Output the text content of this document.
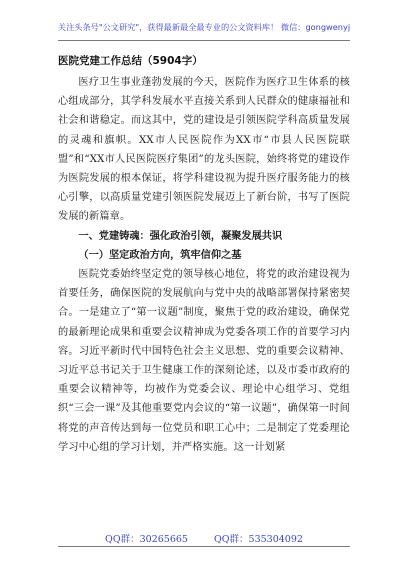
关注头条号"公文研究"，获得最新最全最专业的公文资料库！ 微信：gongwenyj
医院党建工作总结（5904字）

医疗卫生事业蓬勃发展的今天，医院作为医疗卫生体系的核心组成部分，其学科发展水平直接关系到人民群众的健康福祉和社会和谐稳定。而这其中，党的建设是引领医院学科高质量发展的灵魂和旗帜。XX市人民医院作为XX市“市县人民医院联盟”和“XX市人民医院医疗集团”的龙头医院，始终将党的建设作为医院发展的根本保证，将学科建设视为提升医疗服务能力的核心引擎，以高质量党建引领医院发展迈上了新台阶，书写了医院发展的新篇章。

一、党建铸魂：强化政治引领，凝聚发展共识

（一）坚定政治方向，筑牢信仰之基

医院党委始终坚定党的领导核心地位，将党的政治建设视为首要任务，确保医院的发展航向与党中央的战略部署保持紧密契合。一是建立了“第一议题”制度，聚焦于党的政治建设，确保党的最新理论成果和重要会议精神成为党委各项工作的首要学习内容。习近平新时代中国特色社会主义思想、党的重要会议精神、习近平总书记关于卫生健康工作的深刻论述，以及市委市政府的重要会议精神等，均被作为党委会议、理论中心组学习、党组织“三会一课”及其他重要党内会议的“第一议题”，确保第一时间将党的声音传达到每一位党员和职工心中；二是制定了党委理论学习中心组的学习计划，并严格实施。这一计划紧

QQ群：30265665	QQ群：535304092
